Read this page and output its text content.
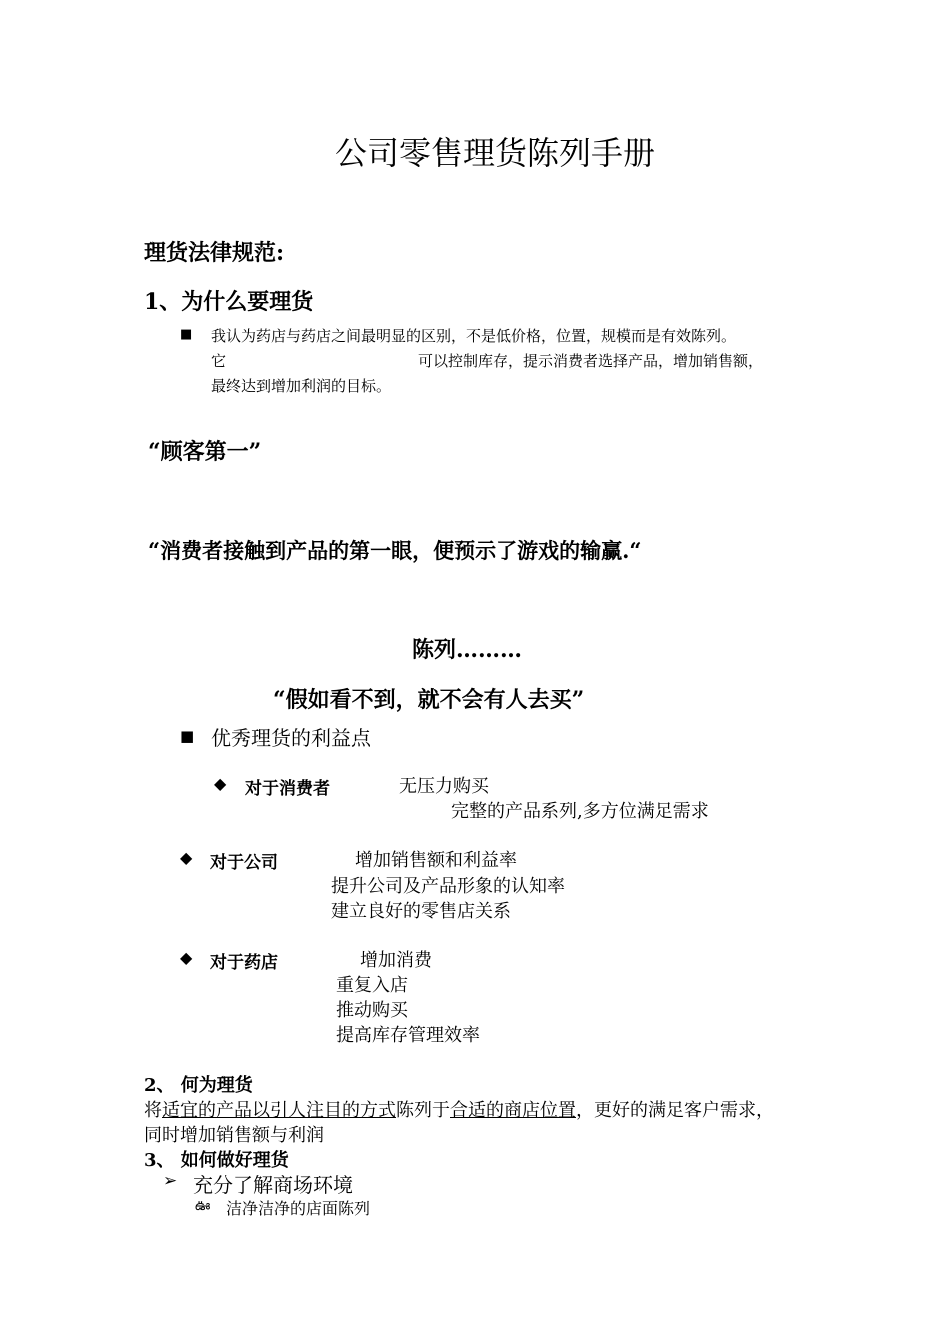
公司零售理货陈列手册
理货法律规范:
1、为什么要理货
■ 我认为药店与药店之间最明显的区别，不是低价格，位置，规模而是有效陈列。
它	可以控制库存，提示消费者选择产品，增加销售额，
最终达到增加利润的目标。
“顾客第一”
“消费者接触到产品的第一眼，便预示了游戏的输赢.“
陈列………
“假如看不到，就不会有人去买”
■ 优秀理货的利益点
◆ 对于消费者	无压力购买
完整的产品系列,多方位满足需求
◆ 对于公司	增加销售额和利益率
提升公司及产品形象的认知率
建立良好的零售店关系
◆ 对于药店	增加消费
重复入店
推动购买
提高库存管理效率
2、 何为理货
将适宜的产品以引人注目的方式陈列于合适的商店位置，更好的满足客户需求，
同时增加销售额与利润
3、 如何做好理货
➢ 充分了解商场环境
ఊ 洁净洁净的店面陈列
